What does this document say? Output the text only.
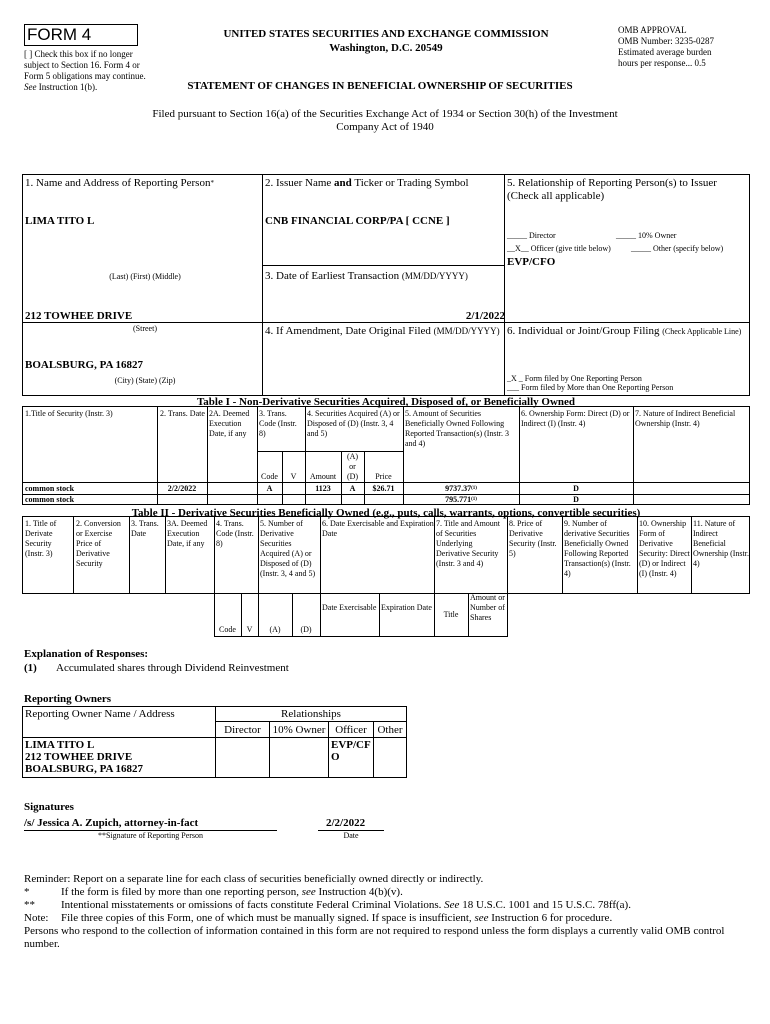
FORM 4
[ ] Check this box if no longer subject to Section 16. Form 4 or Form 5 obligations may continue. See Instruction 1(b).
UNITED STATES SECURITIES AND EXCHANGE COMMISSION
Washington, D.C. 20549
OMB APPROVAL
OMB Number: 3235-0287
Estimated average burden
hours per response... 0.5
STATEMENT OF CHANGES IN BENEFICIAL OWNERSHIP OF SECURITIES
Filed pursuant to Section 16(a) of the Securities Exchange Act of 1934 or Section 30(h) of the Investment Company Act of 1940
1. Name and Address of Reporting Person*
LIMA TITO L
(Last) (First) (Middle)
212 TOWHEE DRIVE
(Street)
BOALSBURG, PA 16827
(City) (State) (Zip)
2. Issuer Name and Ticker or Trading Symbol
CNB FINANCIAL CORP/PA [ CCNE ]
3. Date of Earliest Transaction (MM/DD/YYYY)
2/1/2022
4. If Amendment, Date Original Filed (MM/DD/YYYY)
5. Relationship of Reporting Person(s) to Issuer
(Check all applicable)
_____ Director	_____ 10% Owner
__X__ Officer (give title below)	_____ Other (specify below)
EVP/CFO
6. Individual or Joint/Group Filing (Check Applicable Line)
_X _ Form filed by One Reporting Person
___ Form filed by More than One Reporting Person
Table I - Non-Derivative Securities Acquired, Disposed of, or Beneficially Owned
1.Title of Security (Instr. 3)	2. Trans. Date 2A. Deemed Execution Date, if any
3. Trans. Code (Instr. 8)
4. Securities Acquired (A) or Disposed of (D) (Instr. 3, 4 and 5)
5. Amount of Securities Beneficially Owned Following Reported Transaction(s) (Instr. 3 and 4)
6. Ownership Form: Direct (D) or Indirect (I) (Instr. 4)
7. Nature of Indirect Beneficial Ownership (Instr. 4)
Code	V	Amount
(A) or (D)	Price
common stock	2/2/2022	A	1123	A	$26.71	9737.37$^{(1)}$	D
common stock	795.771$^{(1)}$	D
Table II - Derivative Securities Beneficially Owned (e.g., puts, calls, warrants, options, convertible securities)
1. Title of Derivate Security (Instr. 3)
2. Conversion or Exercise Price of Derivative Security
3. Trans. Date
3A. Deemed Execution Date, if any
4. Trans. Code (Instr. 8)
5. Number of Derivative Securities Acquired (A) or Disposed of (D) (Instr. 3, 4 and 5)
6. Date Exercisable and Expiration Date
7. Title and Amount of Securities Underlying Derivative Security (Instr. 3 and 4)
8. Price of Derivative Security (Instr. 5)
9. Number of derivative Securities Beneficially Owned Following Reported Transaction(s) (Instr. 4)
10. Ownership Form of Derivative Security: Direct (D) or Indirect (I) (Instr. 4)
11. Nature of Indirect Beneficial Ownership (Instr. 4)
Code	V	(A)	(D)
Date Exercisable Expiration Date
Title
Amount or Number of Shares
Explanation of Responses:
(1) Accumulated shares through Dividend Reinvestment
Reporting Owners
Reporting Owner Name / Address	Relationships			
	Director	10% Owner	Officer	Other

LIMA TITO L
212 TOWHEE DRIVE
BOALSBURG, PA 16827			EVP/CFO	
Signatures
/s/ Jessica A. Zupich, attorney-in-fact
**Signature of Reporting Person
2/2/2022
Date
Reminder: Report on a separate line for each class of securities beneficially owned directly or indirectly.
*	If the form is filed by more than one reporting person, see Instruction 4(b)(v).
** Intentional misstatements or omissions of facts constitute Federal Criminal Violations. See 18 U.S.C. 1001 and 15 U.S.C. 78ff(a).
Note: File three copies of this Form, one of which must be manually signed. If space is insufficient, see Instruction 6 for procedure.
Persons who respond to the collection of information contained in this form are not required to respond unless the form displays a currently valid OMB control number.
